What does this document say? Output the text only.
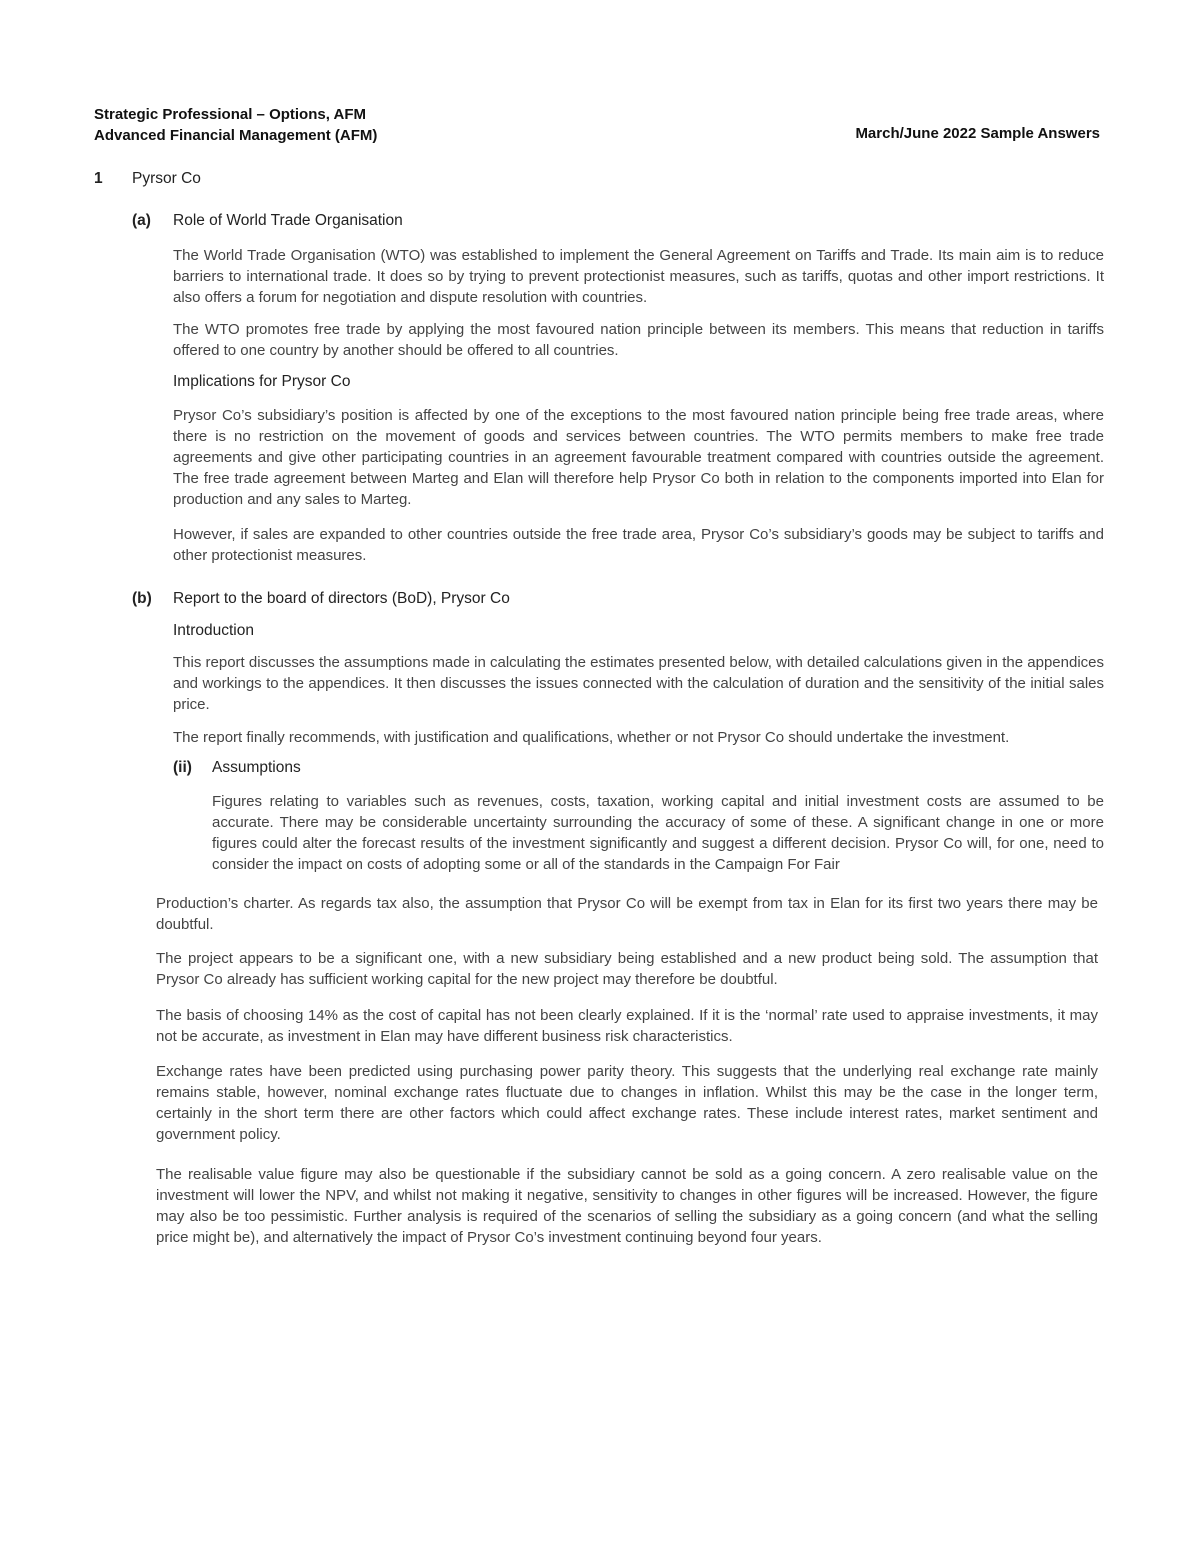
Strategic Professional – Options, AFM
Advanced Financial Management (AFM)	March/June 2022 Sample Answers
1 Pyrsor Co
(a) Role of World Trade Organisation

The World Trade Organisation (WTO) was established to implement the General Agreement on Tariffs and Trade. Its main aim is to reduce barriers to international trade. It does so by trying to prevent protectionist measures, such as tariffs, quotas and other import restrictions. It also offers a forum for negotiation and dispute resolution with countries.

The WTO promotes free trade by applying the most favoured nation principle between its members. This means that reduction in tariffs offered to one country by another should be offered to all countries.

Implications for Prysor Co

Prysor Co’s subsidiary’s position is affected by one of the exceptions to the most favoured nation principle being free trade areas, where there is no restriction on the movement of goods and services between countries. The WTO permits members to make free trade agreements and give other participating countries in an agreement favourable treatment compared with countries outside the agreement. The free trade agreement between Marteg and Elan will therefore help Prysor Co both in relation to the components imported into Elan for production and any sales to Marteg.

However, if sales are expanded to other countries outside the free trade area, Prysor Co’s subsidiary’s goods may be subject to tariffs and other protectionist measures.

(b) Report to the board of directors (BoD), Prysor Co
Introduction

This report discusses the assumptions made in calculating the estimates presented below, with detailed calculations given in the appendices and workings to the appendices. It then discusses the issues connected with the calculation of duration and the sensitivity of the initial sales price.

The report finally recommends, with justification and qualifications, whether or not Prysor Co should undertake the investment.

(ii) Assumptions

Figures relating to variables such as revenues, costs, taxation, working capital and initial investment costs are assumed to be accurate. There may be considerable uncertainty surrounding the accuracy of some of these. A significant change in one or more figures could alter the forecast results of the investment significantly and suggest a different decision. Prysor Co will, for one, need to consider the impact on costs of adopting some or all of the standards in the Campaign For Fair

Production’s charter. As regards tax also, the assumption that Prysor Co will be exempt from tax in Elan for its first two years there may be doubtful.

The project appears to be a significant one, with a new subsidiary being established and a new product being sold. The assumption that Prysor Co already has sufficient working capital for the new project may therefore be doubtful.

The basis of choosing 14% as the cost of capital has not been clearly explained. If it is the ‘normal’ rate used to appraise investments, it may not be accurate, as investment in Elan may have different business risk characteristics.

Exchange rates have been predicted using purchasing power parity theory. This suggests that the underlying real exchange rate mainly remains stable, however, nominal exchange rates fluctuate due to changes in inflation. Whilst this may be the case in the longer term, certainly in the short term there are other factors which could affect exchange rates. These include interest rates, market sentiment and government policy.

The realisable value figure may also be questionable if the subsidiary cannot be sold as a going concern. A zero realisable value on the investment will lower the NPV, and whilst not making it negative, sensitivity to changes in other figures will be increased. However, the figure may also be too pessimistic. Further analysis is required of the scenarios of selling the subsidiary as a going concern (and what the selling price might be), and alternatively the impact of Prysor Co’s investment continuing beyond four years.
